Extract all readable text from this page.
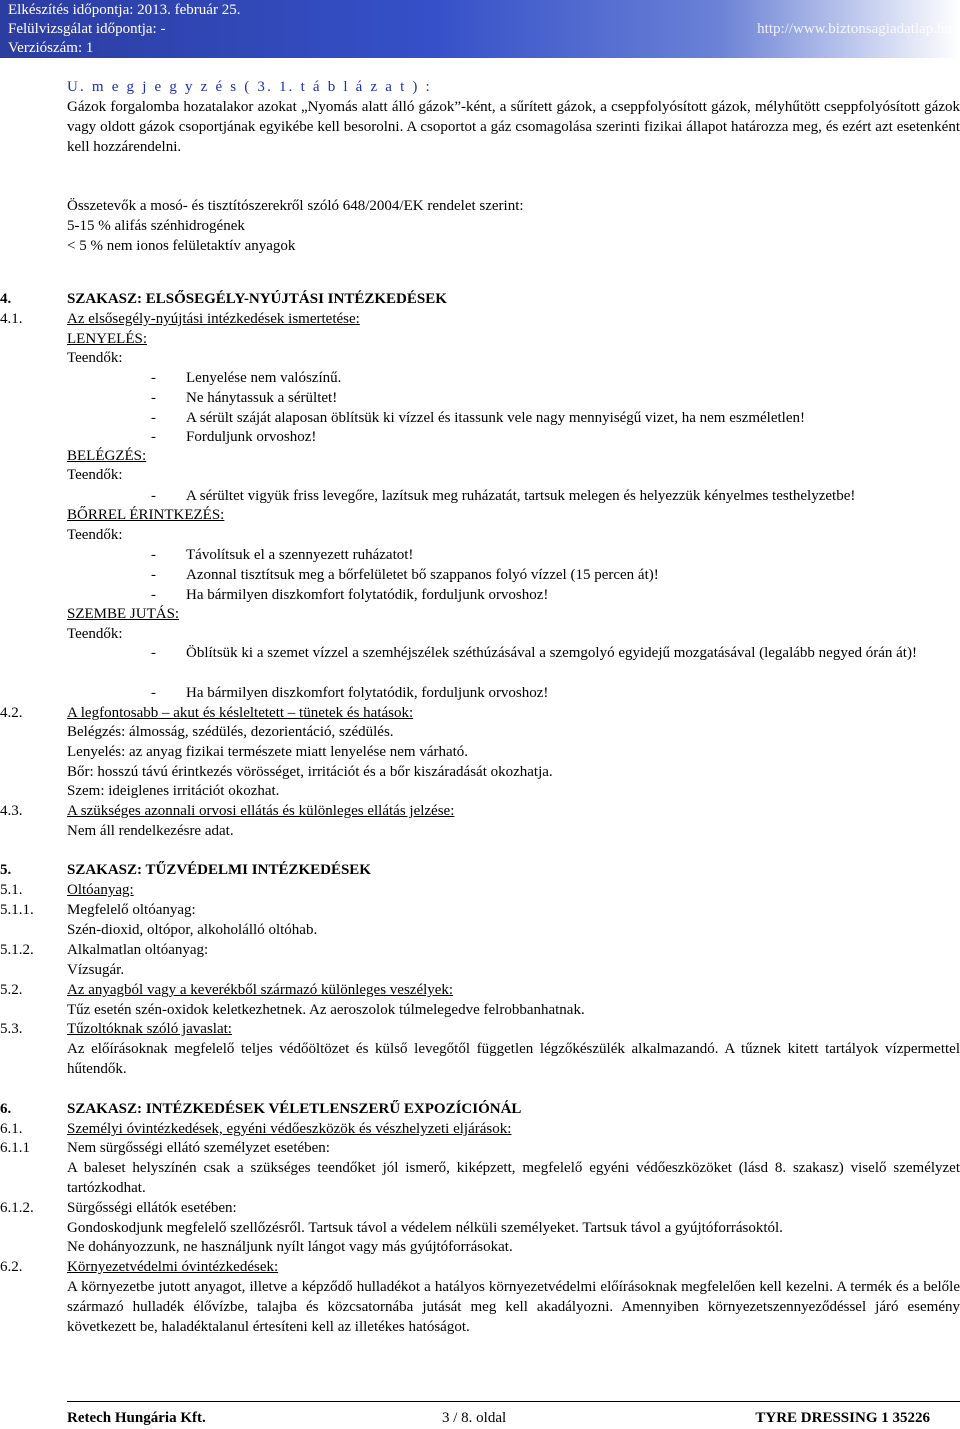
Elkészítés időpontja: 2013. február 25.
Felülvizsgálat időpontja: -
Verziószám: 1
http://www.biztonsagiadatlap.hu
U. m e g j e g y z é s ( 3. 1. t á b l á z a t ) :
Gázok forgalomba hozatalakor azokat „Nyomás alatt álló gázok”-ként, a sűrített gázok, a cseppfolyósított gázok, mélyhűtött cseppfolyósított gázok vagy oldott gázok csoportjának egyikébe kell besorolni. A csoportot a gáz csomagolása szerinti fizikai állapot határozza meg, és ezért azt esetenként kell hozzárendelni.
Összetevők a mosó- és tisztítószerekről szóló 648/2004/EK rendelet szerint:
5-15 % alifás szénhidrogének
< 5 % nem ionos felületaktív anyagok
4.	SZAKASZ: ELSŐSEGÉLY-NYÚJTÁSI INTÉZKEDÉSEK
4.1.	Az elsősegély-nyújtási intézkedések ismertetése:
LENYELÉS:
Teendők:
- Lenyelése nem valószínű.
- Ne hánytassuk a sérültet!
- A sérült száját alaposan öblítsük ki vízzel és itassunk vele nagy mennyiségű vizet, ha nem eszméletlen!
- Forduljunk orvoshoz!
BELÉGZÉS:
Teendők:
- A sérültet vigyük friss levegőre, lazítsuk meg ruházatát, tartsuk melegen és helyezzük kényelmes testhelyzetbe!
BŐRREL ÉRINTKEZÉS:
Teendők:
- Távolítsuk el a szennyezett ruházatot!
- Azonnal tisztítsuk meg a bőrfelületet bő szappanos folyó vízzel (15 percen át)!
- Ha bármilyen diszkomfort folytatódik, forduljunk orvoshoz!
SZEMBE JUTÁS:
Teendők:
- Öblítsük ki a szemet vízzel a szemhéjszélek széthúzásával a szemgolyó egyidejű mozgatásával (legalább negyed órán át)!
- Ha bármilyen diszkomfort folytatódik, forduljunk orvoshoz!
4.2.	A legfontosabb – akut és késleltetett – tünetek és hatások:
Belégzés: álmosság, szédülés, dezorientáció, szédülés.
Lenyelés: az anyag fizikai természete miatt lenyelése nem várható.
Bőr: hosszú távú érintkezés vörösséget, irritációt és a bőr kiszáradását okozhatja.
Szem: ideiglenes irritációt okozhat.
4.3.	A szükséges azonnali orvosi ellátás és különleges ellátás jelzése:
Nem áll rendelkezésre adat.
5.	SZAKASZ: TŰZVÉDELMI INTÉZKEDÉSEK
5.1.	Oltóanyag:
5.1.1. Megfelelő oltóanyag:
Szén-dioxid, oltópor, alkoholálló oltóhab.
5.1.2. Alkalmatlan oltóanyag:
Vízsugár.
5.2.	Az anyagból vagy a keverékből származó különleges veszélyek:
Tűz esetén szén-oxidok keletkezhetnek. Az aeroszolok túlmelegedve felrobbanhatnak.
5.3.	Tűzoltóknak szóló javaslat:
Az előírásoknak megfelelő teljes védőöltözet és külső levegőtől független légzőkészülék alkalmazandó. A tűznek kitett tartályok vízpermettel hűtendők.
6.	SZAKASZ: INTÉZKEDÉSEK VÉLETLENSZERŰ EXPOZÍCIÓNÁL
6.1.	Személyi óvintézkedések, egyéni védőeszközök és vészhelyzeti eljárások:
6.1.1 Nem sürgősségi ellátó személyzet esetében:
A baleset helyszínén csak a szükséges teendőket jól ismerő, kiképzett, megfelelő egyéni védőeszközöket (lásd 8. szakasz) viselő személyzet tartózkodhat.
6.1.2. Sürgősségi ellátók esetében:
Gondoskodjunk megfelelő szellőzésről. Tartsuk távol a védelem nélküli személyeket. Tartsuk távol a gyújtóforrásoktól.
Ne dohányozzunk, ne használjunk nyílt lángot vagy más gyújtóforrásokat.
6.2.	Környezetvédelmi óvintézkedések:
A környezetbe jutott anyagot, illetve a képződő hulladékot a hatályos környezetvédelmi előírásoknak megfelelően kell kezelni. A termék és a belőle származó hulladék élővízbe, talajba és közcsatornába jutását meg kell akadályozni. Amennyiben környezetszennyeződéssel járó esemény következett be, haladéktalanul értesíteni kell az illetékes hatóságot.
Retech Hungária Kft.	3 / 8. oldal	TYRE DRESSING 1 35226
